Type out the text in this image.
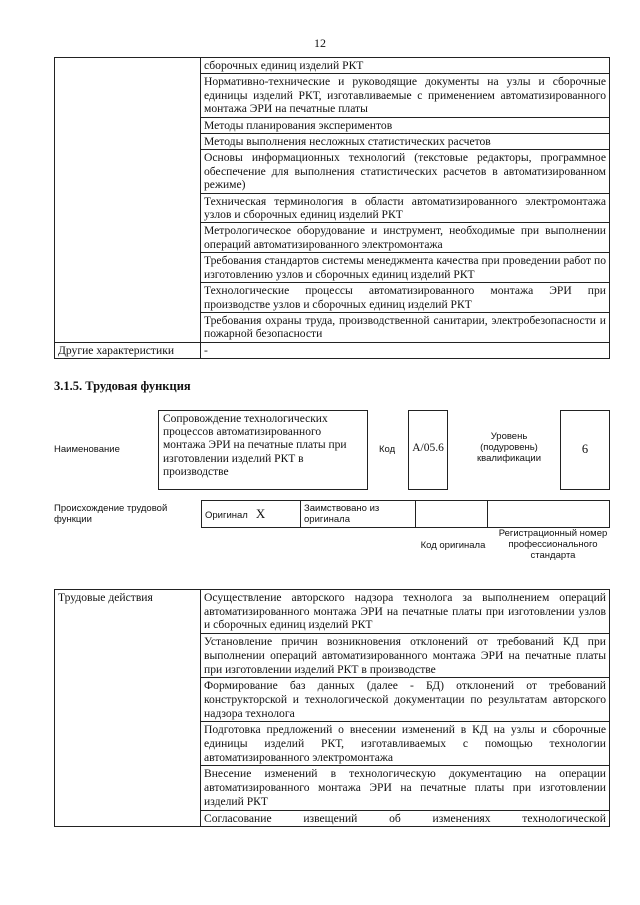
12
	сборочных единиц изделий РКТ
	Нормативно-технические и руководящие документы на узлы и сборочные единицы изделий РКТ, изготавливаемые с применением автоматизированного монтажа ЭРИ на печатные платы
	Методы планирования экспериментов
	Методы выполнения несложных статистических расчетов
	Основы информационных технологий (текстовые редакторы, программное обеспечение для выполнения статистических расчетов в автоматизированном режиме)
	Техническая терминология в области автоматизированного электромонтажа узлов и сборочных единиц изделий РКТ
	Метрологическое оборудование и инструмент, необходимые при выполнении операций автоматизированного электромонтажа
	Требования стандартов системы менеджмента качества при проведении работ по изготовлению узлов и сборочных единиц изделий РКТ
	Технологические процессы автоматизированного монтажа ЭРИ при производстве узлов и сборочных единиц изделий РКТ
	Требования охраны труда, производственной санитарии, электробезопасности и пожарной безопасности
Другие характеристики	-
3.1.5. Трудовая функция
Наименование
Сопровождение технологических процессов автоматизированного монтажа ЭРИ на печатные платы при изготовлении изделий РКТ в производстве
Код	А/05.6
Уровень (подуровень) квалификации
6
Происхождение трудовой функции	Оригинал X	Заимствовано из оригинала		
Код оригинала
Регистрационный номер профессионального стандарта
Трудовые действия	Осуществление авторского надзора технолога за выполнением операций автоматизированного монтажа ЭРИ на печатные платы при изготовлении узлов и сборочных единиц изделий РКТ
Установление причин возникновения отклонений от требований КД при выполнении операций автоматизированного монтажа ЭРИ на печатные платы при изготовлении изделий РКТ в производстве
Формирование баз данных (далее - БД) отклонений от требований конструкторской и технологической документации по результатам авторского надзора технолога
Подготовка предложений о внесении изменений в КД на узлы и сборочные единицы изделий РКТ, изготавливаемых с помощью технологии автоматизированного электромонтажа
Внесение изменений в технологическую документацию на операции автоматизированного монтажа ЭРИ на печатные платы при изготовлении изделий РКТ
Согласование извещений об изменениях технологической
